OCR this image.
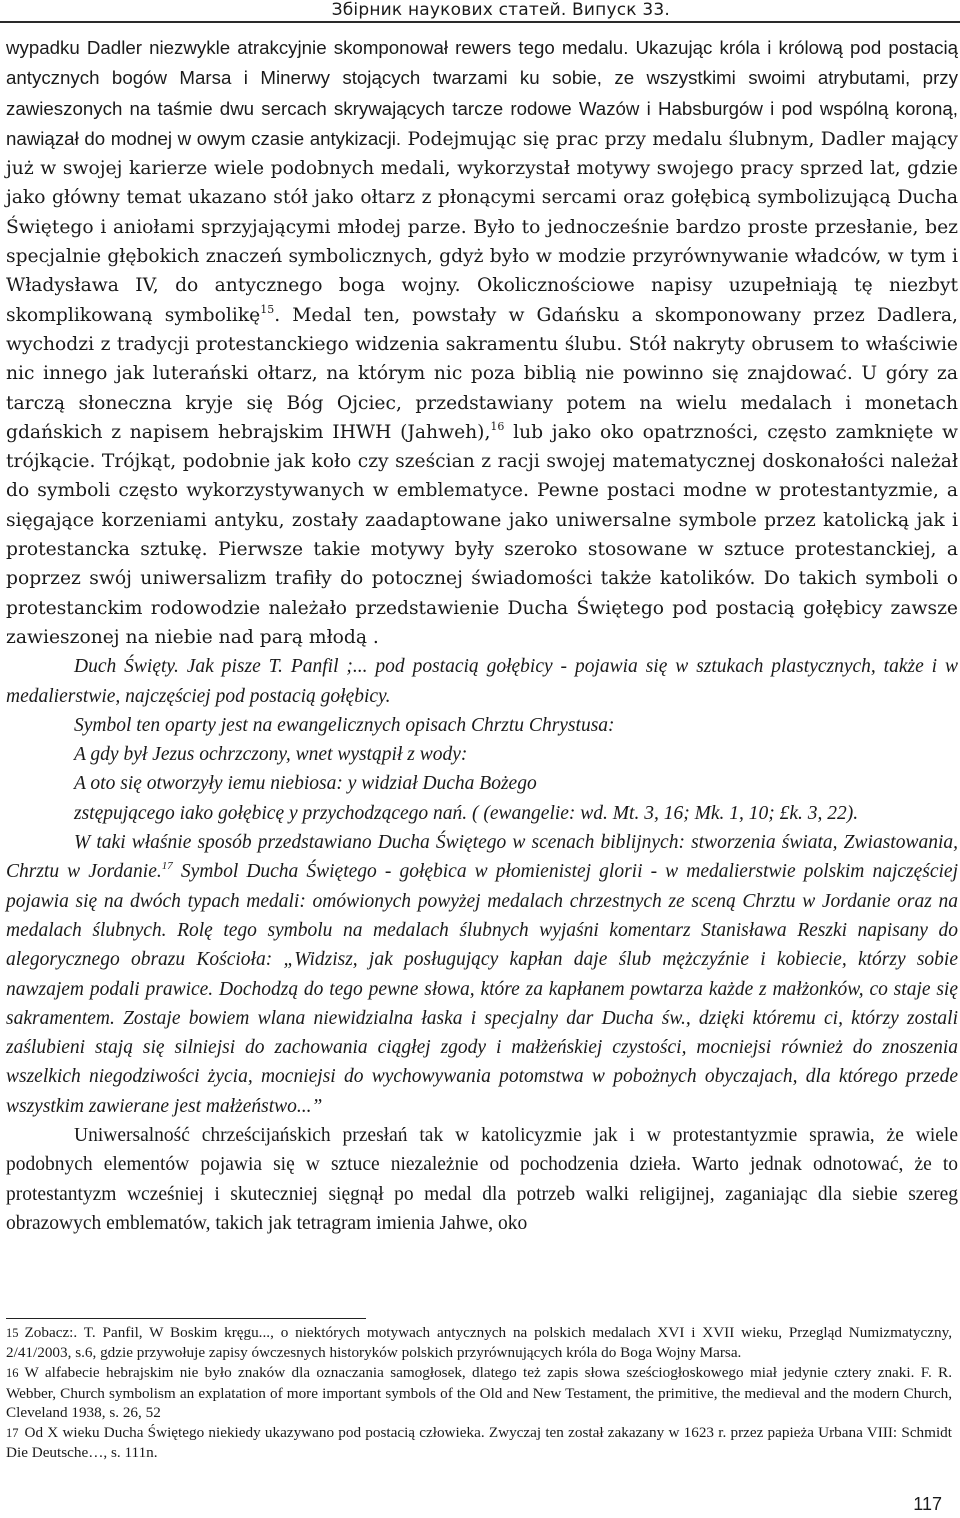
Збірник наукових статей. Випуск 33.

wypadku Dadler niezwykle atrakcyjnie skomponował rewers tego medalu. Ukazując króla i królową pod postacią antycznych bogów Marsa i Minerwy stojących twarzami ku sobie, ze wszystkimi swoimi atrybutami, przy zawieszonych na taśmie dwu sercach skrywających tarcze rodowe Wazów i Habsburgów i pod wspólną koroną, nawiązał do modnej w owym czasie antykizacji. Podejmując się prac przy medalu ślubnym, Dadler mający już w swojej karierze wiele podobnych medali, wykorzystał motywy swojego pracy sprzed lat, gdzie jako główny temat ukazano stół jako ołtarz z płonącymi sercami oraz gołębicą symbolizującą Ducha Świętego i aniołami sprzyjającymi młodej parze. Było to jednocześnie bardzo proste przesłanie, bez specjalnie głębokich znaczeń symbolicznych, gdyż było w modzie przyrównywanie władców, w tym i Władysława IV, do antycznego boga wojny. Okolicznościowe napisy uzupełniają tę niezbyt skomplikowaną symbolikę$^{15}$. Medal ten, powstały w Gdańsku a skomponowany przez Dadlera, wychodzi z tradycji protestanckiego widzenia sakramentu ślubu. Stół nakryty obrusem to właściwie nic innego jak luterański ołtarz, na którym nic poza biblią nie powinno się znajdować. U góry za tarczą słoneczna kryje się Bóg Ojciec, przedstawiany potem na wielu medalach i monetach gdańskich z napisem hebrajskim IHWH (Jahweh),$^{16}$ lub jako oko opatrzności, często zamknięte w trójkącie. Trójkąt, podobnie jak koło czy sześcian z racji swojej matematycznej doskonałości należał do symboli często wykorzystywanych w emblematyce. Pewne postaci modne w protestantyzmie, a sięgające korzeniami antyku, zostały zaadaptowane jako uniwersalne symbole przez katolicką jak i protestancka sztukę. Pierwsze takie motywy były szeroko stosowane w sztuce protestanckiej, a poprzez swój uniwersalizm trafiły do potocznej świadomości także katolików. Do takich symboli o protestanckim rodowodzie należało przedstawienie Ducha Świętego pod postacią gołębicy zawsze zawieszonej na niebie nad parą młodą .

Duch Święty. Jak pisze T. Panfil ;... pod postacią gołębicy - pojawia się w sztukach plastycznych, także i w medalierstwie, najczęściej pod postacią gołębicy.

Symbol ten oparty jest na ewangelicznych opisach Chrztu Chrystusa:

A gdy był Jezus ochrzczony, wnet wystąpił z wody:

A oto się otworzyły iemu niebiosa: y widział Ducha Bożego

zstępującego iako gołębicę y przychodzącego nań. ( (ewangelie: wd. Mt. 3, 16; Mk. 1, 10; £k. 3, 22).

W taki właśnie sposób przedstawiano Ducha Świętego w scenach biblijnych: stworzenia świata, Zwiastowania, Chrztu w Jordanie.$^{17}$ Symbol Ducha Świętego - gołębica w płomienistej glorii - w medalierstwie polskim najczęściej pojawia się na dwóch typach medali: omówionych powyżej medalach chrzestnych ze sceną Chrztu w Jordanie oraz na medalach ślubnych. Rolę tego symbolu na medalach ślubnych wyjaśni komentarz Stanisława Reszki napisany do alegorycznego obrazu Kościoła: „Widzisz, jak posługujący kapłan daje ślub mężczyźnie i kobiecie, którzy sobie nawzajem podali prawice. Dochodzą do tego pewne słowa, które za kapłanem powtarza każde z małżonków, co staje się sakramentem. Zostaje bowiem wlana niewidzialna łaska i specjalny dar Ducha św., dzięki któremu ci, którzy zostali zaślubieni stają się silniejsi do zachowania ciągłej zgody i małżeńskiej czystości, mocniejsi również do znoszenia wszelkich niegodziwości życia, mocniejsi do wychowywania potomstwa w pobożnych obyczajach, dla którego przede wszystkim zawierane jest małżeństwo...”

Uniwersalność chrześcijańskich przesłań tak w katolicyzmie jak i w protestantyzmie sprawia, że wiele podobnych elementów pojawia się w sztuce niezależnie od pochodzenia dzieła. Warto jednak odnotować, że to protestantyzm wcześniej i skuteczniej sięgnął po medal dla potrzeb walki religijnej, zaganiając dla siebie szereg obrazowych emblematów, takich jak tetragram imienia Jahwe, oko

15 Zobacz:. T. Panfil, W Boskim kręgu..., o niektórych motywach antycznych na polskich medalach XVI i XVII wieku, Przegląd Numizmatyczny, 2/41/2003, s.6, gdzie przywołuje zapisy ówczesnych historyków polskich przyrównujących króla do Boga Wojny Marsa.

16 W alfabecie hebrajskim nie było znaków dla oznaczania samogłosek, dlatego też zapis słowa sześciogłoskowego miał jedynie cztery znaki. F. R. Webber, Church symbolism an explatation of more important symbols of the Old and New Testament, the primitive, the medieval and the modern Church, Cleveland 1938, s. 26, 52

17 Od X wieku Ducha Świętego niekiedy ukazywano pod postacią człowieka. Zwyczaj ten został zakazany w 1623 r. przez papieża Urbana VIII: Schmidt Die Deutsche…, s. 111n.

117
